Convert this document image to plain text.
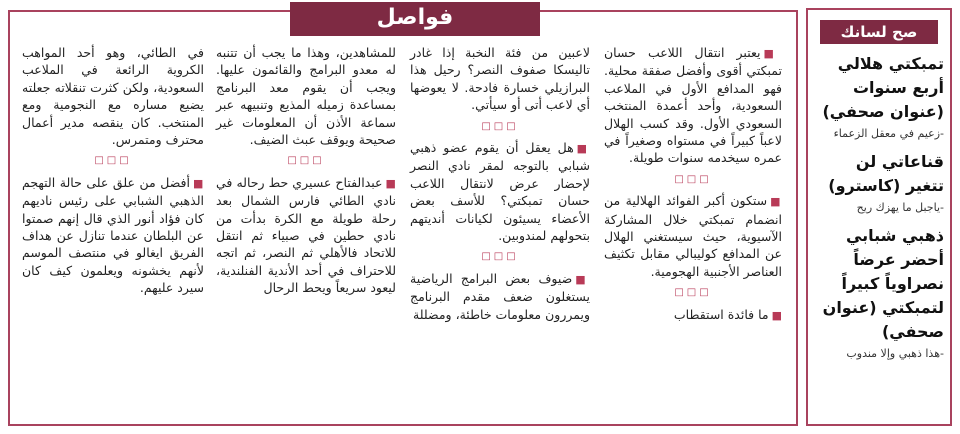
صح لسانك
تمبكتي هلالي أربع سنوات (عنوان صحفي)
- زعيم في معقل الزعماء
قناعاتي لن تتغير (كاسترو)
- ياجبل ما يهزك ريح
ذهبي شبابي أحضر عرضاً نصراوياً كبيراً لتمبكتي (عنوان صحفي)
- هذا ذهبي وإلا مندوب
فواصل

■يعتبر انتقال اللاعب حسان تمبكتي أقوى وأفضل صفقة محلية. فهو المدافع الأول في الملاعب السعودية، وأحد أعمدة المنتخب السعودي الأول. وقد كسب الهلال لاعباً كبيراً في مستواه وصغيراً في عمره سيخدمه سنوات طويلة.

□□□

■ستكون أكبر الفوائد الهلالية من انضمام تمبكتي خلال المشاركة الآسيوية، حيث سيستغني الهلال عن المدافع كوليبالي مقابل تكثيف العناصر الأجنبية الهجومية.

□□□

■ما فائدة استقطاب

لاعبين من فئة النخبة إذا غادر تاليسكا صفوف النصر؟ رحيل هذا البرازيلي خسارة فادحة. لا يعوضها أي لاعب أتى أو سيأتي.

□□□

■هل يعقل أن يقوم عضو ذهبي شبابي بالتوجه لمقر نادي النصر لإحضار عرض لانتقال اللاعب حسان تمبكتي؟ للأسف بعض الأعضاء يسيئون لكيانات أنديتهم بتحولهم لمندوبين.

□□□

■ضيوف بعض البرامج الرياضية يستغلون ضعف مقدم البرنامج ويمررون معلومات خاطئة، ومضللة

للمشاهدين، وهذا ما يجب أن تتنبه له معدو البرامج والقائمون عليها. ويجب أن يقوم معد البرنامج بمساعدة زميله المذيع وتنبيهه عبر سماعة الأذن أن المعلومات غير صحيحة ويوقف عبث الضيف.

□□□

■عبدالفتاح عسيري حط رحاله في نادي الطائي فارس الشمال بعد رحلة طويلة مع الكرة بدأت من نادي حطين في صبياء ثم انتقل للاتحاد فالأهلي ثم النصر، ثم اتجه للاحتراف في أحد الأندية الفنلندية، ليعود سريعاً ويحط الرحال

في الطائي، وهو أحد المواهب الكروية الرائعة في الملاعب السعودية، ولكن كثرت تنقلاته جعلته يضيع مساره مع النجومية ومع المنتخب. كان ينقصه مدير أعمال محترف ومتمرس.

□□□

■أفضل من علق على حالة التهجم الذهبي الشبابي على رئيس ناديهم كان فؤاد أنور الذي قال إنهم صمتوا عن البلطان عندما تنازل عن هداف الفريق ايغالو في منتصف الموسم لأنهم يخشونه ويعلمون كيف كان سيرد عليهم.
